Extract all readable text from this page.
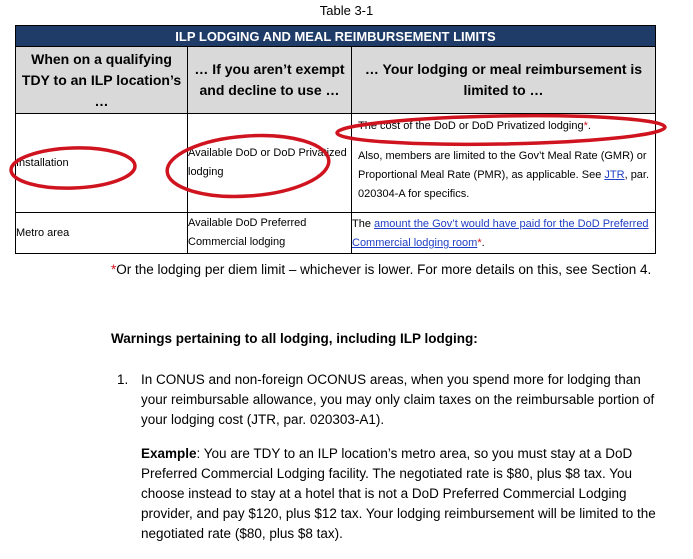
Table 3-1
ILP LODGING AND MEAL REIMBURSEMENT LIMITS		
When on a qualifying TDY to an ILP location’s …	… If you aren’t exempt and decline to use …	… Your lodging or meal reimbursement is limited to …
Installation	Available DoD or DoD Privatized lodging	The cost of the DoD or DoD Privatized lodging*.
Also, members are limited to the Gov’t Meal Rate (GMR) or Proportional Meal Rate (PMR), as applicable. See JTR, par. 020304-A for specifics.

Metro area	Available DoD Preferred Commercial lodging	The amount the Gov’t would have paid for the DoD Preferred Commercial lodging room*.
*Or the lodging per diem limit – whichever is lower. For more details on this, see Section 4.
Warnings pertaining to all lodging, including ILP lodging:
1. In CONUS and non-foreign OCONUS areas, when you spend more for lodging than your reimbursable allowance, you may only claim taxes on the reimbursable portion of your lodging cost (JTR, par. 020303-A1).
Example: You are TDY to an ILP location’s metro area, so you must stay at a DoD Preferred Commercial Lodging facility. The negotiated rate is $80, plus $8 tax. You choose instead to stay at a hotel that is not a DoD Preferred Commercial Lodging provider, and pay $120, plus $12 tax. Your lodging reimbursement will be limited to the negotiated rate ($80, plus $8 tax).
